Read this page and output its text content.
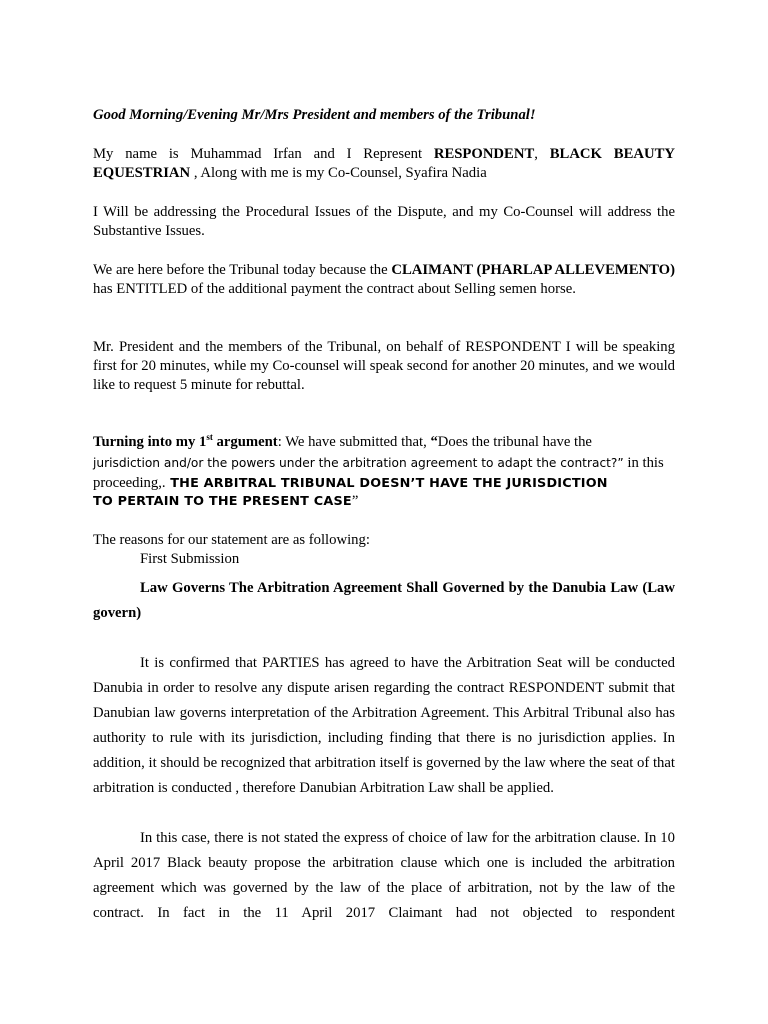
Good Morning/Evening Mr/Mrs President and members of the Tribunal!

My name is Muhammad Irfan and I Represent RESPONDENT, BLACK BEAUTY EQUESTRIAN , Along with me is my Co-Counsel, Syafira Nadia

I Will be addressing the Procedural Issues of the Dispute, and my Co-Counsel will address the Substantive Issues.

We are here before the Tribunal today because the CLAIMANT (PHARLAP ALLEVEMENTO) has ENTITLED of the additional payment the contract about Selling semen horse.

Mr. President and the members of the Tribunal, on behalf of RESPONDENT I will be speaking first for 20 minutes, while my Co-counsel will speak second for another 20 minutes, and we would like to request 5 minute for rebuttal.

Turning into my 1st argument: We have submitted that, “Does the tribunal have the

jurisdiction and/or the powers under the arbitration agreement to adapt the contract?” in this

proceeding,. THE ARBITRAL TRIBUNAL DOESN’T HAVE THE JURISDICTION

TO PERTAIN TO THE PRESENT CASE”

The reasons for our statement are as following:

First Submission

Law Governs The Arbitration Agreement Shall Governed by the Danubia Law (Law govern)

It is confirmed that PARTIES has agreed to have the Arbitration Seat will be conducted Danubia in order to resolve any dispute arisen regarding the contract RESPONDENT submit that Danubian law governs interpretation of the Arbitration Agreement. This Arbitral Tribunal also has authority to rule with its jurisdiction, including finding that there is no jurisdiction applies. In addition, it should be recognized that arbitration itself is governed by the law where the seat of that arbitration is conducted , therefore Danubian Arbitration Law shall be applied.

In this case, there is not stated the express of choice of law for the arbitration clause. In 10 April 2017 Black beauty propose the arbitration clause which one is included the arbitration agreement which was governed by the law of the place of arbitration, not by the law of the contract. In fact in the 11 April 2017 Claimant had not objected to respondent
